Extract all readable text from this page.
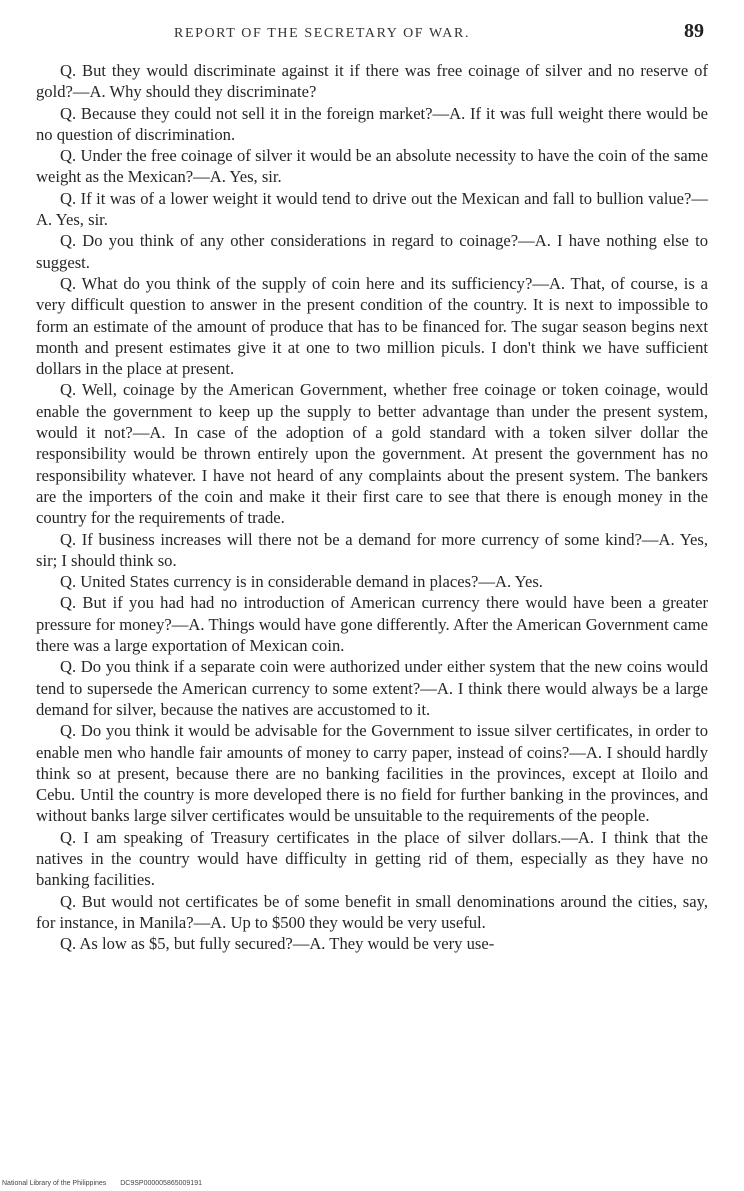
REPORT OF THE SECRETARY OF WAR.	89

Q. But they would discriminate against it if there was free coinage of silver and no reserve of gold?—A. Why should they discriminate?

Q. Because they could not sell it in the foreign market?—A. If it was full weight there would be no question of discrimination.

Q. Under the free coinage of silver it would be an absolute necessity to have the coin of the same weight as the Mexican?—A. Yes, sir.

Q. If it was of a lower weight it would tend to drive out the Mexican and fall to bullion value?—A. Yes, sir.

Q. Do you think of any other considerations in regard to coinage?—A. I have nothing else to suggest.

Q. What do you think of the supply of coin here and its sufficiency?—A. That, of course, is a very difficult question to answer in the present condition of the country. It is next to impossible to form an estimate of the amount of produce that has to be financed for. The sugar season begins next month and present estimates give it at one to two million piculs. I don't think we have sufficient dollars in the place at present.

Q. Well, coinage by the American Government, whether free coinage or token coinage, would enable the government to keep up the supply to better advantage than under the present system, would it not?—A. In case of the adoption of a gold standard with a token silver dollar the responsibility would be thrown entirely upon the government. At present the government has no responsibility whatever. I have not heard of any complaints about the present system. The bankers are the importers of the coin and make it their first care to see that there is enough money in the country for the requirements of trade.

Q. If business increases will there not be a demand for more currency of some kind?—A. Yes, sir; I should think so.

Q. United States currency is in considerable demand in places?—A. Yes.

Q. But if you had had no introduction of American currency there would have been a greater pressure for money?—A. Things would have gone differently. After the American Government came there was a large exportation of Mexican coin.

Q. Do you think if a separate coin were authorized under either system that the new coins would tend to supersede the American currency to some extent?—A. I think there would always be a large demand for silver, because the natives are accustomed to it.

Q. Do you think it would be advisable for the Government to issue silver certificates, in order to enable men who handle fair amounts of money to carry paper, instead of coins?—A. I should hardly think so at present, because there are no banking facilities in the provinces, except at Iloilo and Cebu. Until the country is more developed there is no field for further banking in the provinces, and without banks large silver certificates would be unsuitable to the requirements of the people.

Q. I am speaking of Treasury certificates in the place of silver dollars.—A. I think that the natives in the country would have difficulty in getting rid of them, especially as they have no banking facilities.

Q. But would not certificates be of some benefit in small denominations around the cities, say, for instance, in Manila?—A. Up to $500 they would be very useful.

Q. As low as $5, but fully secured?—A. They would be very use-

National Library of the Philippines DC9SP000005865009191
